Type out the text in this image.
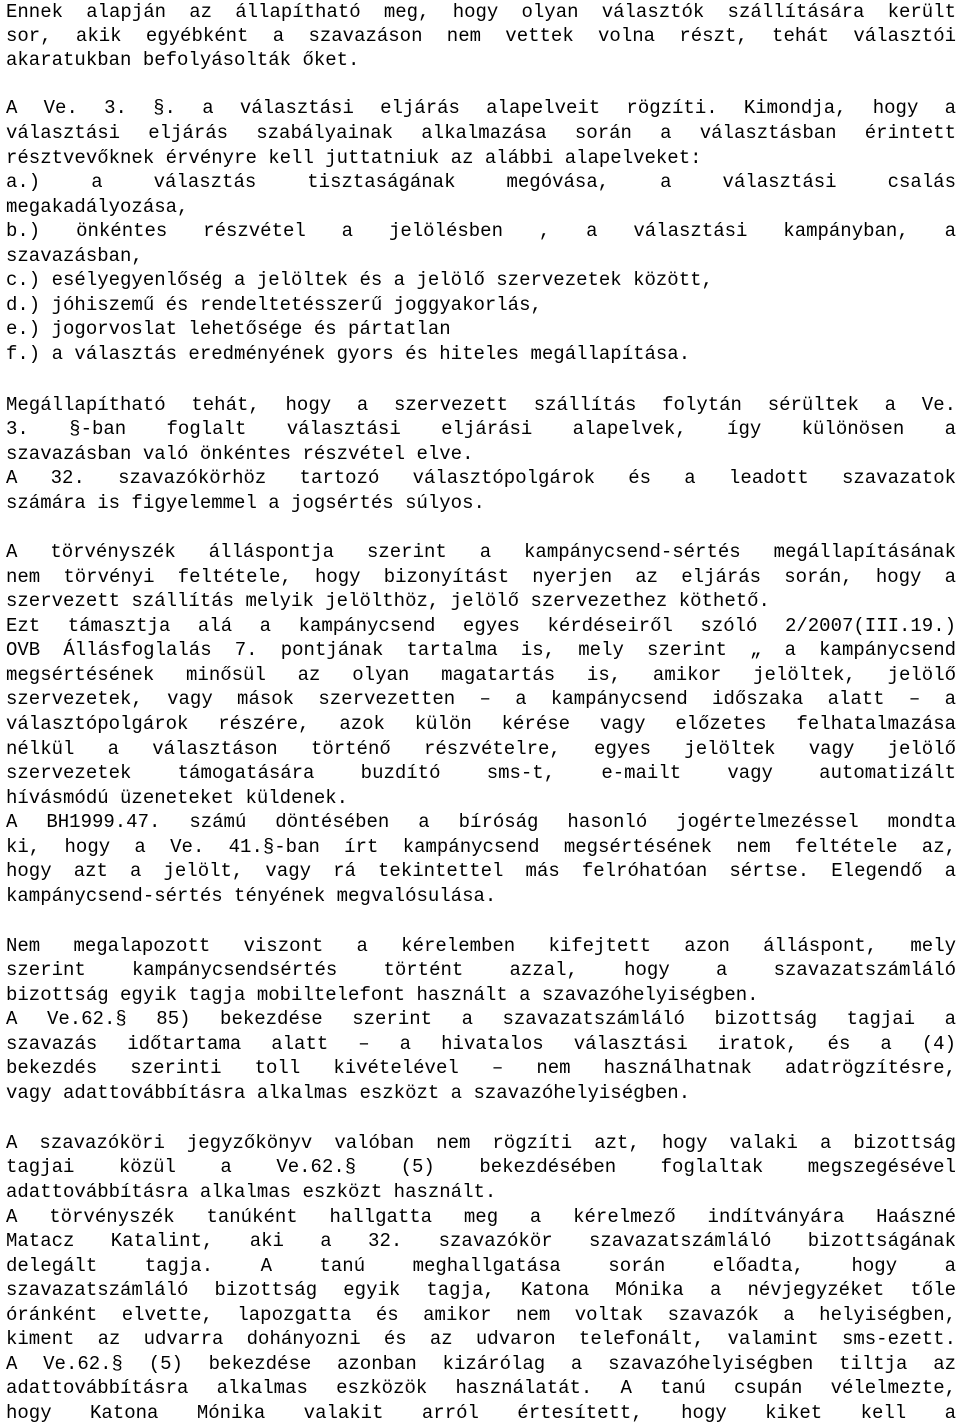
Ennek alapján az állapítható meg, hogy olyan választók szállítására került
sor, akik egyébként a szavazáson nem vettek volna részt, tehát választói
akaratukban befolyásolták őket.
A Ve. 3. §. a választási eljárás alapelveit rögzíti. Kimondja, hogy a
választási eljárás szabályainak alkalmazása során a választásban érintett
résztvevőknek érvényre kell juttatniuk az alábbi alapelveket:
a.) a választás tisztaságának megóvása, a választási csalás
megakadályozása,
b.) önkéntes részvétel a jelölésben , a választási kampányban, a
szavazásban,
c.) esélyegyenlőség a jelöltek és a jelölő szervezetek között,
d.) jóhiszemű és rendeltetésszerű joggyakorlás,
e.) jogorvoslat lehetősége és pártatlan
f.) a választás eredményének gyors és hiteles megállapítása.
Megállapítható tehát, hogy a szervezett szállítás folytán sérültek a Ve.
3. §-ban foglalt választási eljárási alapelvek, így különösen a
szavazásban való önkéntes részvétel elve.
A 32. szavazókörhöz tartozó választópolgárok és a leadott szavazatok
számára is figyelemmel a jogsértés súlyos.
A törvényszék álláspontja szerint a kampánycsend-sértés megállapításának
nem törvényi feltétele, hogy bizonyítást nyerjen az eljárás során, hogy a
szervezett szállítás melyik jelölthöz, jelölő szervezethez köthető.
Ezt támasztja alá a kampánycsend egyes kérdéseiről szóló 2/2007(III.19.)
OVB Állásfoglalás 7. pontjának tartalma is, mely szerint „ a kampánycsend
megsértésének minősül az olyan magatartás is, amikor jelöltek, jelölő
szervezetek, vagy mások szervezetten – a kampánycsend időszaka alatt – a
választópolgárok részére, azok külön kérése vagy előzetes felhatalmazása
nélkül a választáson történő részvételre, egyes jelöltek vagy jelölő
szervezetek támogatására buzdító sms-t, e-mailt vagy automatizált
hívásmódú üzeneteket küldenek.
A BH1999.47. számú döntésében a bíróság hasonló jogértelmezéssel mondta
ki, hogy a Ve. 41.§-ban írt kampánycsend megsértésének nem feltétele az,
hogy azt a jelölt, vagy rá tekintettel más felróhatóan sértse. Elegendő a
kampánycsend-sértés tényének megvalósulása.
Nem megalapozott viszont a kérelemben kifejtett azon álláspont, mely
szerint kampánycsendsértés történt azzal, hogy a szavazatszámláló
bizottság egyik tagja mobiltelefont használt a szavazóhelyiségben.
A Ve.62.§ 85) bekezdése szerint a szavazatszámláló bizottság tagjai a
szavazás időtartama alatt – a hivatalos választási iratok, és a (4)
bekezdés szerinti toll kivételével – nem használhatnak adatrögzítésre,
vagy adattovábbításra alkalmas eszközt a szavazóhelyiségben.
A szavazóköri jegyzőkönyv valóban nem rögzíti azt, hogy valaki a bizottság
tagjai közül a Ve.62.§ (5) bekezdésében foglaltak megszegésével
adattovábbításra alkalmas eszközt használt.
A törvényszék tanúként hallgatta meg a kérelmező indítványára Haászné
Matacz Katalint, aki a 32. szavazókör szavazatszámláló bizottságának
delegált tagja. A tanú meghallgatása során előadta, hogy a
szavazatszámláló bizottság egyik tagja, Katona Mónika a névjegyzéket tőle
óránként elvette, lapozgatta és amikor nem voltak szavazók a helyiségben,
kiment az udvarra dohányozni és az udvaron telefonált, valamint sms-ezett.
A Ve.62.§ (5) bekezdése azonban kizárólag a szavazóhelyiségben tiltja az
adattovábbításra alkalmas eszközök használatát. A tanú csupán vélelmezte,
hogy Katona Mónika valakit arról értesített, hogy kiket kell a
